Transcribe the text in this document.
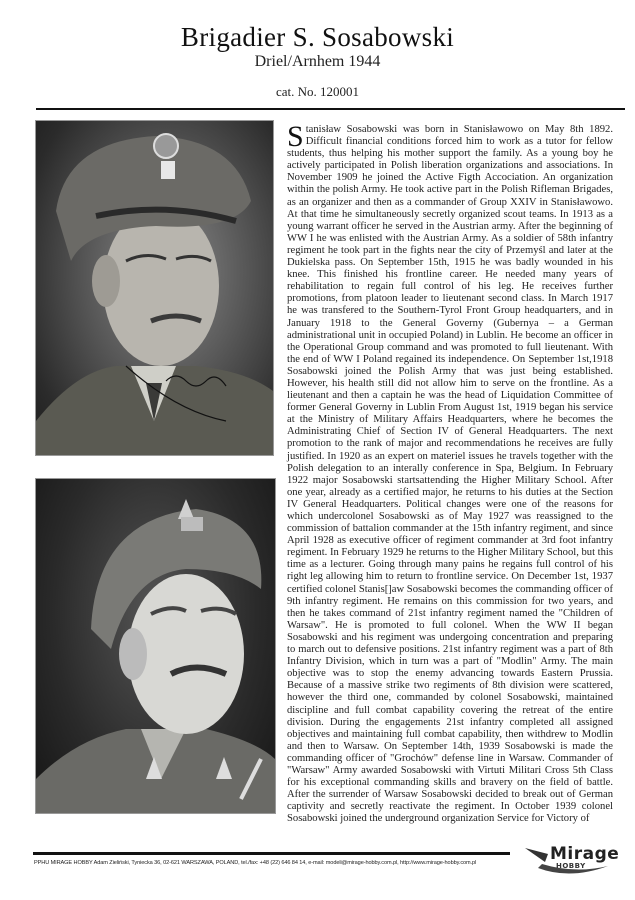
Brigadier S. Sosabowski
Driel/Arnhem 1944
cat. No. 120001
Stanisław Sosabowski was born in Stanisławowo on May 8th 1892. Difficult financial conditions forced him to work as a tutor for fellow students, thus helping his mother support the family. As a young boy he actively participated in Polish liberation organizations and associations. In November 1909 he joined the Active Figth Accociation. An organization within the polish Army. He took active part in the Polish Rifleman Brigades, as an organizer and then as a commander of Group XXIV in Stanisławowo. At that time he simultaneously secretly organized scout teams. In 1913 as a young warrant officer he served in the Austrian army. After the beginning of WW I he was enlisted with the Austrian Army. As a soldier of 58th infantry regiment he took part in the fights near the city of Przemyśl and later at the Dukielska pass. On September 15th, 1915 he was badly wounded in his knee. This finished his frontline career. He needed many years of rehabilitation to regain full control of his leg. He receives further promotions, from platoon leader to lieutenant second class. In March 1917 he was transfered to the Southern-Tyrol Front Group headquarters, and in January 1918 to the General Governy (Gubernya – a German administrational unit in occupied Poland) in Lublin. He become an officer in the Operational Group command and was promoted to full lieutenant. With the end of WW I Poland regained its independence. On September 1st,1918 Sosabowski joined the Polish Army that was just being established. However, his health still did not allow him to serve on the frontline. As a lieutenant and then a captain he was the head of Liquidation Committee of former General Governy in Lublin From August 1st, 1919 began his service at the Ministry of Military Affairs Headquarters, where he becomes the Administrating Chief of Section IV of General Headquarters. The next promotion to the rank of major and recommendations he receives are fully justified. In 1920 as an expert on materiel issues he travels together with the Polish delegation to an interally conference in Spa, Belgium. In February 1922 major Sosabowski startsattending the Higher Military School. After one year, already as a certified major, he returns to his duties at the Section IV General Headquarters. Political changes were one of the reasons for which undercolonel Sosabowski as of May 1927 was reassigned to the commission of battalion commander at the 15th infantry regiment, and since April 1928 as executive officer of regiment commander at 3rd foot infantry regiment. In February 1929 he returns to the Higher Military School, but this time as a lecturer. Going through many pains he regains full control of his right leg allowing him to return to frontline service. On December 1st, 1937 certified colonel Stanis[]aw Sosabowski becomes the commanding officer of 9th infantry regiment. He remains on this commission for two years, and then he takes command of 21st infantry regiment named the "Children of Warsaw". He is promoted to full colonel. When the WW II began Sosabowski and his regiment was undergoing concentration and preparing to march out to defensive positions. 21st infantry regiment was a part of 8th Infantry Division, which in turn was a part of "Modlin" Army. The main objective was to stop the enemy advancing towards Eastern Prussia. Because of a massive strike two regiments of 8th division were scattered, however the third one, commanded by colonel Sosabowski, maintained discipline and full combat capability covering the retreat of the entire division. During the engagements 21st infantry completed all assigned objectives and maintaining full combat capability, then withdrew to Modlin and then to Warsaw. On September 14th, 1939 Sosabowski is made the commanding officer of "Grochów" defense line in Warsaw. Commander of "Warsaw" Army awarded Sosabowski with Virtuti Militari Cross 5th Class for his exceptional commanding skills and bravery on the field of battle. After the surrender of Warsaw Sosabowski decided to break out of German captivity and secretly reactivate the regiment. In October 1939 colonel Sosabowski joined the underground organization Service for Victory of
PPHU MIRAGE HOBBY Adam Zieliński, Tyniecka 36, 02-621 WARSZAWA, POLAND, tel./fax: +48 (22) 646 84 14, e-mail: modeli@mirage-hobby.com.pl, http://www.mirage-hobby.com.pl	Mirage
HOBBY
